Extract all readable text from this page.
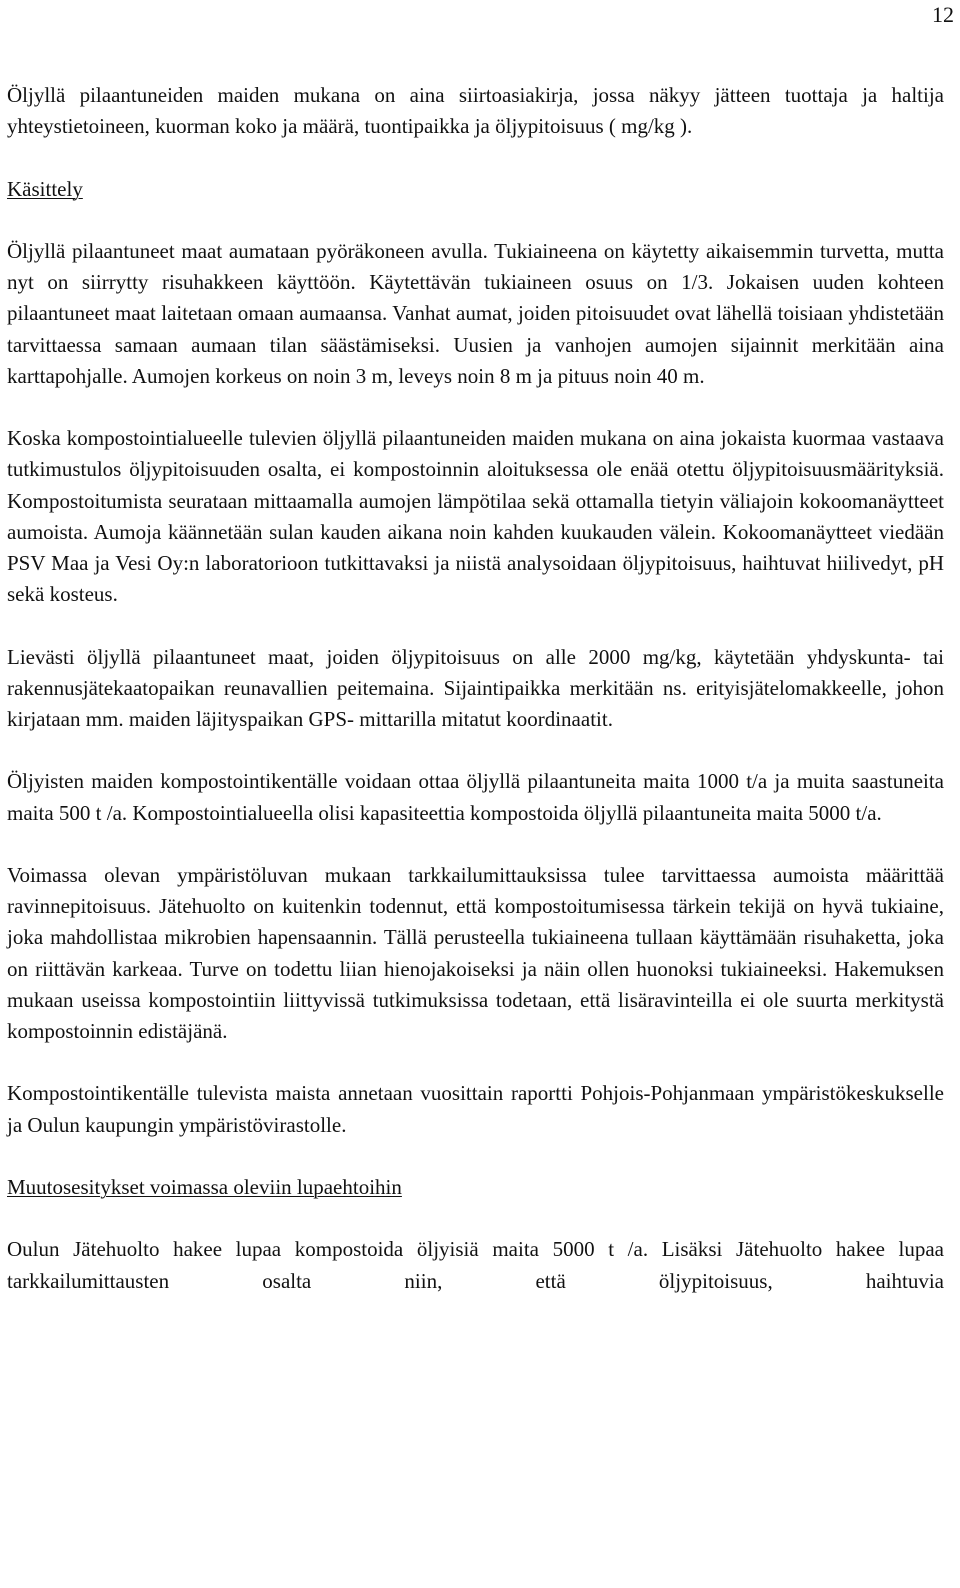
12

Öljyllä pilaantuneiden maiden mukana on aina siirtoasiakirja, jossa näkyy jätteen tuottaja ja haltija yhteystietoineen, kuorman koko ja määrä, tuontipaikka ja öljypitoisuus ( mg/kg ).

Käsittely

Öljyllä pilaantuneet maat aumataan pyöräkoneen avulla. Tukiaineena on käytetty aikaisemmin turvetta, mutta nyt on siirrytty risuhakkeen käyttöön. Käytettävän tukiaineen osuus on 1/3. Jokaisen uuden kohteen pilaantuneet maat laitetaan omaan aumaansa. Vanhat aumat, joiden pitoisuudet ovat lähellä toisiaan yhdistetään tarvittaessa samaan aumaan tilan säästämiseksi. Uusien ja vanhojen aumojen sijainnit merkitään aina karttapohjalle. Aumojen korkeus on noin 3 m, leveys noin 8 m ja pituus noin 40 m.

Koska kompostointialueelle tulevien öljyllä pilaantuneiden maiden mukana on aina jokaista kuormaa vastaava tutkimustulos öljypitoisuuden osalta, ei kompostoinnin aloituksessa ole enää otettu öljypitoisuusmäärityksiä. Kompostoitumista seurataan mittaamalla aumojen lämpötilaa sekä ottamalla tietyin väliajoin kokoomanäytteet aumoista. Aumoja käännetään sulan kauden aikana noin kahden kuukauden välein. Kokoomanäytteet viedään PSV Maa ja Vesi Oy:n laboratorioon tutkittavaksi ja niistä analysoidaan öljypitoisuus, haihtuvat hiilivedyt, pH sekä kosteus.

Lievästi öljyllä pilaantuneet maat, joiden öljypitoisuus on alle 2000 mg/kg, käytetään yhdyskunta- tai rakennusjätekaatopaikan reunavallien peitemaina. Sijaintipaikka merkitään ns. erityisjätelomakkeelle, johon kirjataan mm. maiden läjityspaikan GPS- mittarilla mitatut koordinaatit.

Öljyisten maiden kompostointikentälle voidaan ottaa öljyllä pilaantuneita maita 1000 t/a ja muita saastuneita maita 500 t /a. Kompostointialueella olisi kapasiteettia kompostoida öljyllä pilaantuneita maita 5000 t/a.

Voimassa olevan ympäristöluvan mukaan tarkkailumittauksissa tulee tarvittaessa aumoista määrittää ravinnepitoisuus. Jätehuolto on kuitenkin todennut, että kompostoitumisessa tärkein tekijä on hyvä tukiaine, joka mahdollistaa mikrobien hapensaannin. Tällä perusteella tukiaineena tullaan käyttämään risuhaketta, joka on riittävän karkeaa. Turve on todettu liian hienojakoiseksi ja näin ollen huonoksi tukiaineeksi. Hakemuksen mukaan useissa kompostointiin liittyvissä tutkimuksissa todetaan, että lisäravinteilla ei ole suurta merkitystä kompostoinnin edistäjänä.

Kompostointikentälle tulevista maista annetaan vuosittain raportti Pohjois-Pohjanmaan ympäristökeskukselle ja Oulun kaupungin ympäristövirastolle.

Muutosesitykset voimassa oleviin lupaehtoihin

Oulun Jätehuolto hakee lupaa kompostoida öljyisiä maita 5000 t /a. Lisäksi Jätehuolto hakee lupaa tarkkailumittausten osalta niin, että öljypitoisuus, haihtuvia
